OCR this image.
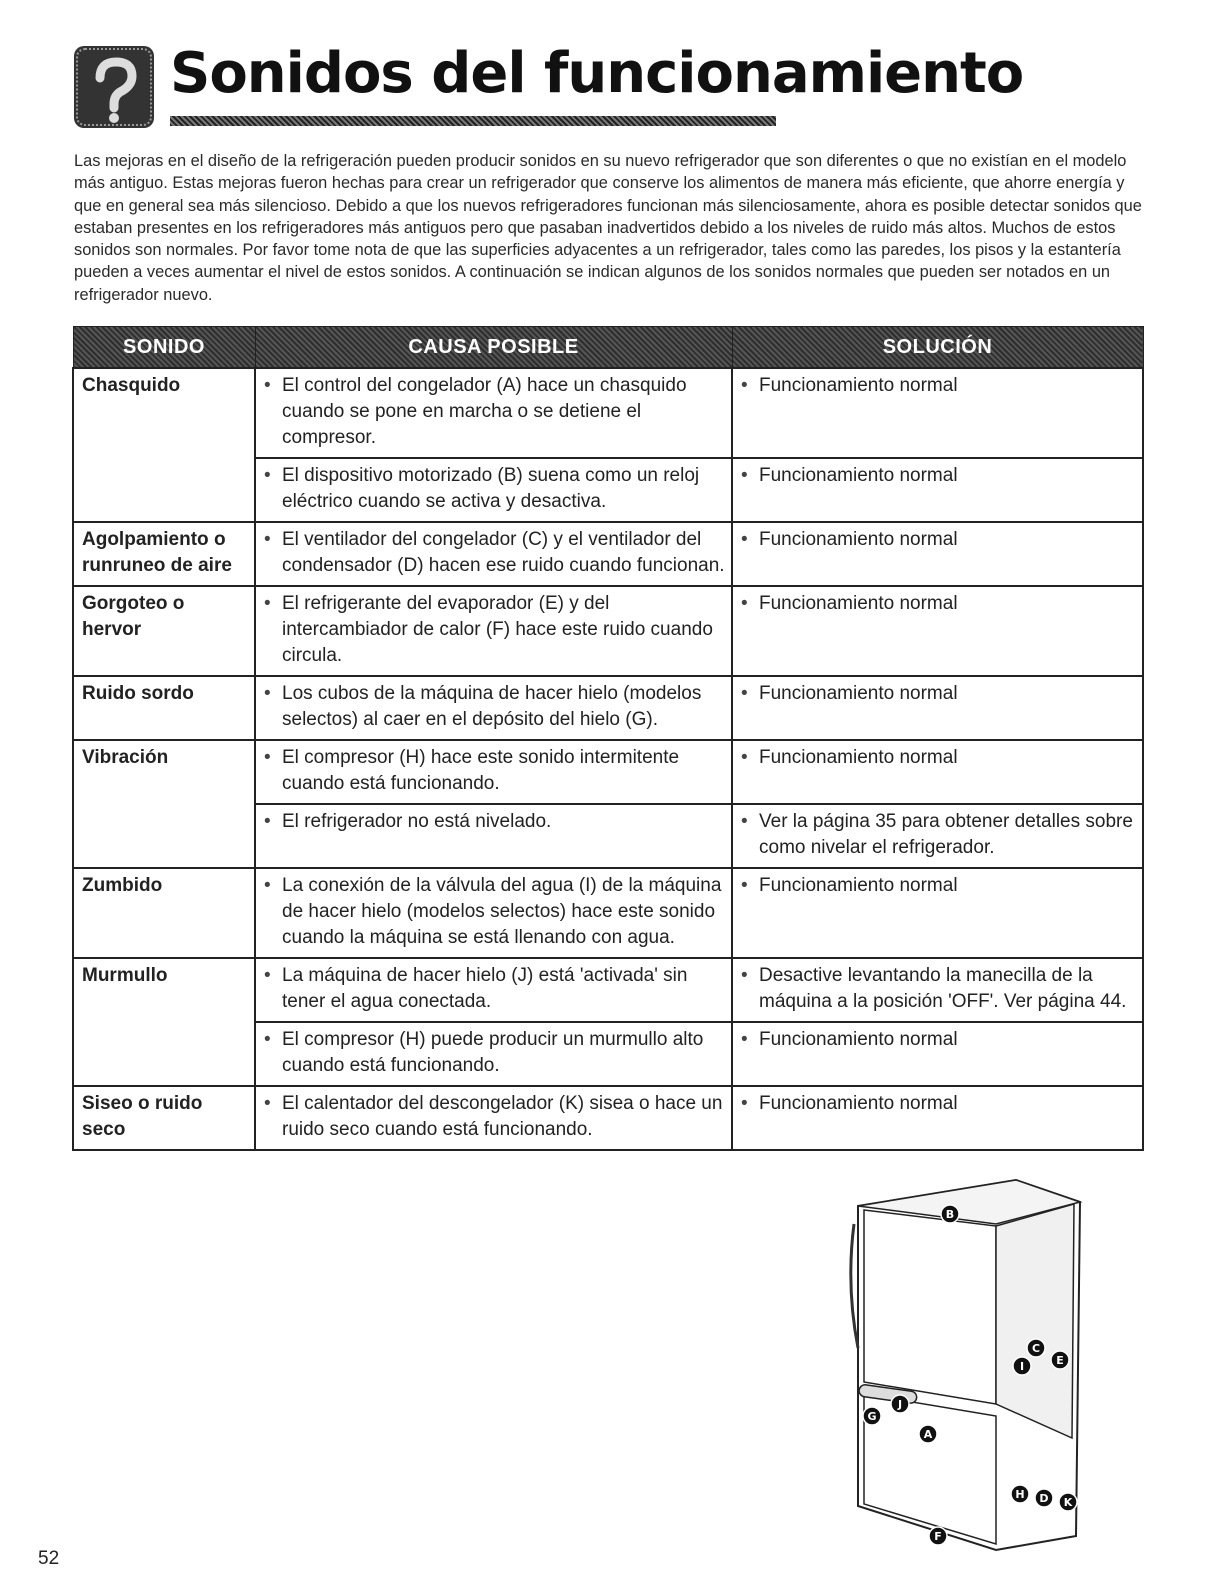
Sonidos del funcionamiento

Las mejoras en el diseño de la refrigeración pueden producir sonidos en su nuevo refrigerador que son diferentes o que no existían en el modelo más antiguo. Estas mejoras fueron hechas para crear un refrigerador que conserve los alimentos de manera más eficiente, que ahorre energía y que en general sea más silencioso. Debido a que los nuevos refrigeradores funcionan más silenciosamente, ahora es posible detectar sonidos que estaban presentes en los refrigeradores más antiguos pero que pasaban inadvertidos debido a los niveles de ruido más altos. Muchos de estos sonidos son normales. Por favor tome nota de que las superficies adyacentes a un refrigerador, tales como las paredes, los pisos y la estantería pueden a veces aumentar el nivel de estos sonidos. A continuación se indican algunos de los sonidos normales que pueden ser notados en un refrigerador nuevo.

SONIDO	CAUSA POSIBLE	SOLUCIÓN
Chasquido	• El control del congelador (A) hace un chasquido cuando se pone en marcha o se detiene el compresor.	• Funcionamiento normal

	• El dispositivo motorizado (B) suena como un reloj eléctrico cuando se activa y desactiva.	• Funcionamiento normal

Agolpamiento o runruneo de aire	• El ventilador del congelador (C) y el ventilador del condensador (D) hacen ese ruido cuando funcionan.	• Funcionamiento normal

Gorgoteo o hervor	• El refrigerante del evaporador (E) y del intercambiador de calor (F) hace este ruido cuando circula.	• Funcionamiento normal

Ruido sordo	• Los cubos de la máquina de hacer hielo (modelos selectos) al caer en el depósito del hielo (G).	• Funcionamiento normal

Vibración	• El compresor (H) hace este sonido intermitente cuando está funcionando.	• Funcionamiento normal

	• El refrigerador no está nivelado.	• Ver la página 35 para obtener detalles sobre como nivelar el refrigerador.

Zumbido	• La conexión de la válvula del agua (I) de la máquina de hacer hielo (modelos selectos) hace este sonido cuando la máquina se está llenando con agua.	• Funcionamiento normal

Murmullo	• La máquina de hacer hielo (J) está 'activada' sin tener el agua conectada.	• Desactive levantando la manecilla de la máquina a la posición 'OFF'. Ver página 44.

	• El compresor (H) puede producir un murmullo alto cuando está funcionando.	• Funcionamiento normal

Siseo o ruido seco	• El calentador del descongelador (K) sisea o hace un ruido seco cuando está funcionando.	• Funcionamiento normal
A
B
C
D
E
F
G
H
I
J
K
52
